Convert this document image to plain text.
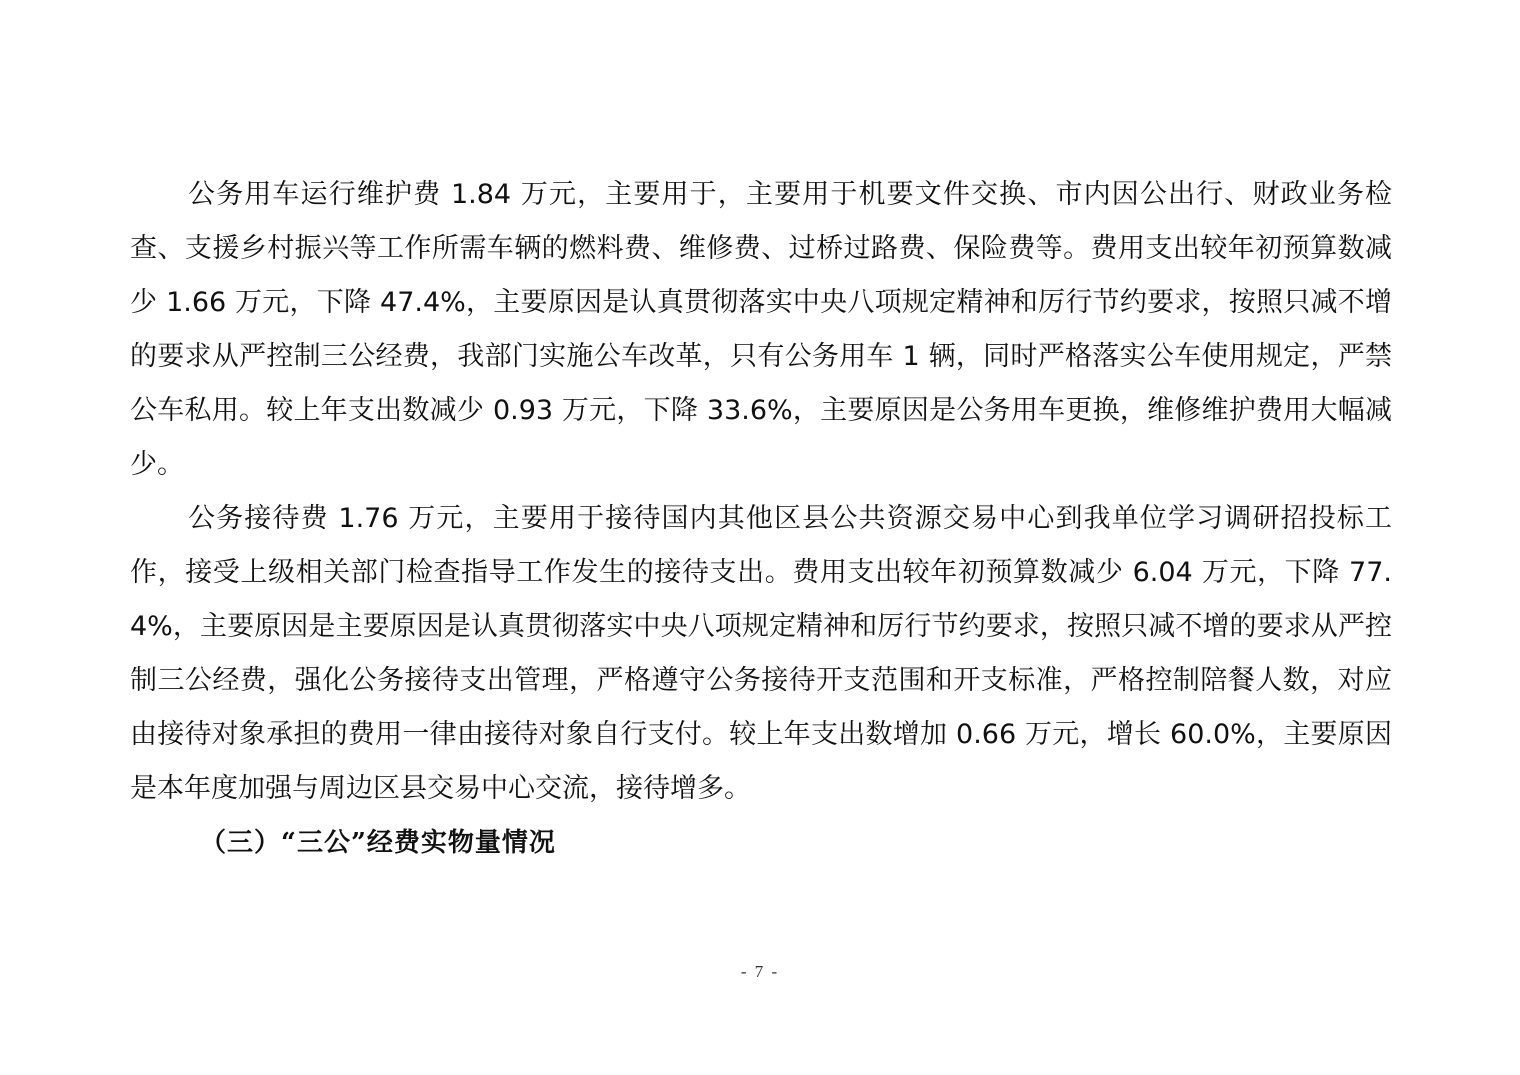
公务用车运行维护费 1.84 万元，主要用于，主要用于机要文件交换、市内因公出行、财政业务检查、支援乡村振兴等工作所需车辆的燃料费、维修费、过桥过路费、保险费等。费用支出较年初预算数减少 1.66 万元，下降 47.4%，主要原因是认真贯彻落实中央八项规定精神和厉行节约要求，按照只减不增的要求从严控制三公经费，我部门实施公车改革，只有公务用车 1 辆，同时严格落实公车使用规定，严禁公车私用。较上年支出数减少 0.93 万元，下降 33.6%，主要原因是公务用车更换，维修维护费用大幅减少。

公务接待费 1.76 万元，主要用于接待国内其他区县公共资源交易中心到我单位学习调研招投标工作，接受上级相关部门检查指导工作发生的接待支出。费用支出较年初预算数减少 6.04 万元，下降 77.4%，主要原因是主要原因是认真贯彻落实中央八项规定精神和厉行节约要求，按照只减不增的要求从严控制三公经费，强化公务接待支出管理，严格遵守公务接待开支范围和开支标准，严格控制陪餐人数，对应由接待对象承担的费用一律由接待对象自行支付。较上年支出数增加 0.66 万元，增长 60.0%，主要原因是本年度加强与周边区县交易中心交流，接待增多。

（三）“三公”经费实物量情况

- 7 -
